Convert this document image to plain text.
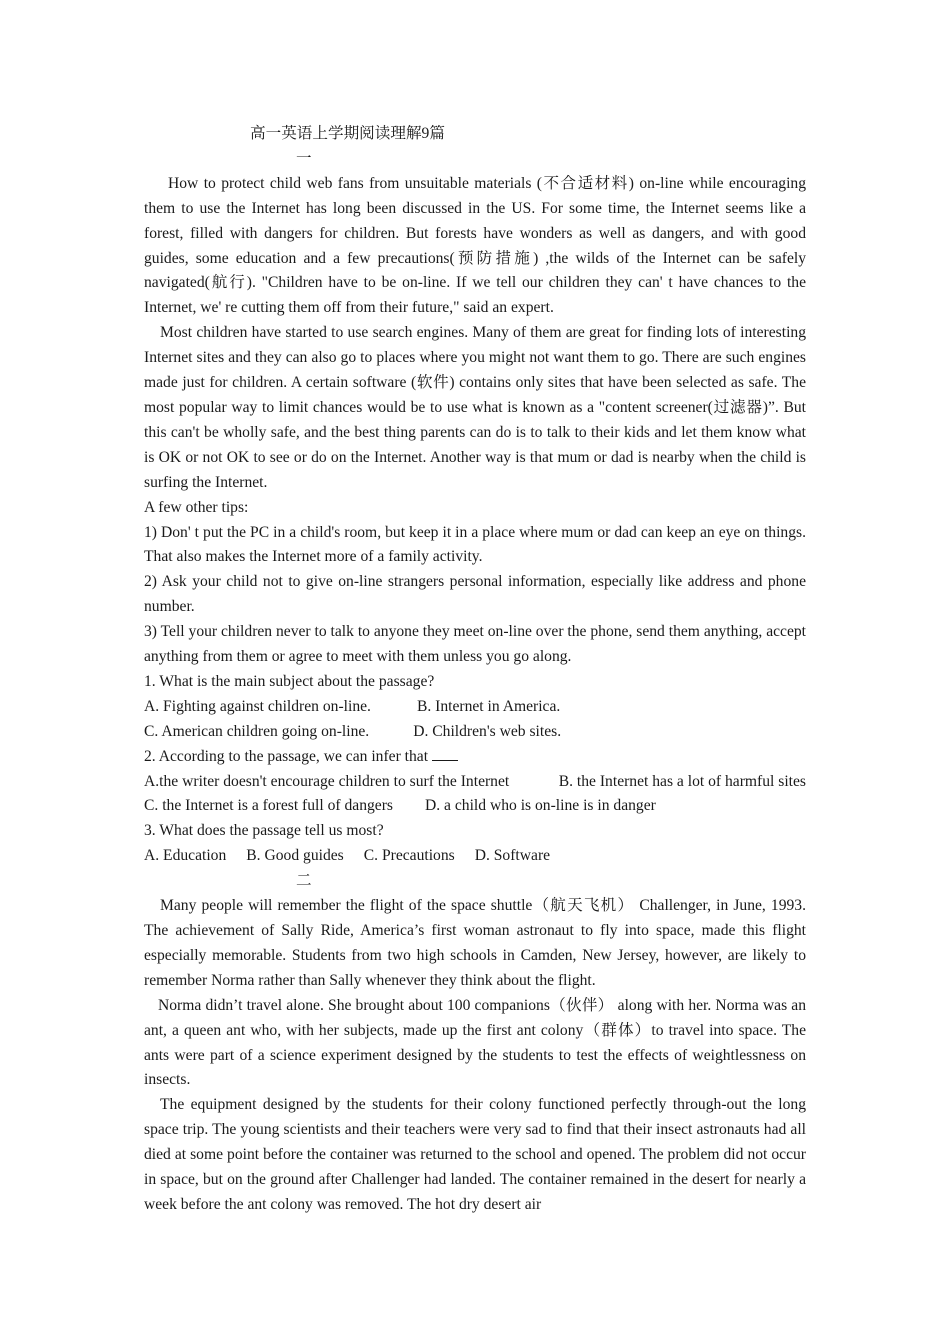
高一英语上学期阅读理解9篇
一

How to protect child web fans from unsuitable materials (不合适材料) on-line while encouraging them to use the Internet has long been discussed in the US. For some time, the Internet seems like a forest, filled with dangers for children. But forests have wonders as well as dangers, and with good guides, some education and a few precautions(预防措施) ,the wilds of the Internet can be safely navigated(航行). "Children have to be on-line. If we tell our children they can' t have chances to the Internet, we' re cutting them off from their future," said an expert.

Most children have started to use search engines. Many of them are great for finding lots of interesting Internet sites and they can also go to places where you might not want them to go. There are such engines made just for children. A certain software (软件) contains only sites that have been selected as safe. The most popular way to limit chances would be to use what is known as a "content screener(过滤器)”. But this can't be wholly safe, and the best thing parents can do is to talk to their kids and let them know what is OK or not OK to see or do on the Internet. Another way is that mum or dad is nearby when the child is surfing the Internet.

A few other tips:

1) Don' t put the PC in a child's room, but keep it in a place where mum or dad can keep an eye on things. That also makes the Internet more of a family activity.

2) Ask your child not to give on-line strangers personal information, especially like address and phone number.

3) Tell your children never to talk to anyone they meet on-line over the phone, send them anything, accept anything from them or agree to meet with them unless you go along.

1. What is the main subject about the passage?
A. Fighting against children on-line.	B. Internet in America.
C. American children going on-line.	D. Children's web sites.
2. According to the passage, we can infer that
A.the writer doesn't encourage children to surf the Internet	B. the Internet has a lot of harmful sites
C. the Internet is a forest full of dangers D. a child who is on-line is in danger
3. What does the passage tell us most?
A. Education B. Good guides C. Precautions D. Software
二

Many people will remember the flight of the space shuttle（航天飞机） Challenger, in June, 1993. The achievement of Sally Ride, America’s first woman astronaut to fly into space, made this flight especially memorable. Students from two high schools in Camden, New Jersey, however, are likely to remember Norma rather than Sally whenever they think about the flight.

Norma didn’t travel alone. She brought about 100 companions（伙伴） along with her. Norma was an ant, a queen ant who, with her subjects, made up the first ant colony（群体）to travel into space. The ants were part of a science experiment designed by the students to test the effects of weightlessness on insects.

The equipment designed by the students for their colony functioned perfectly through-out the long space trip. The young scientists and their teachers were very sad to find that their insect astronauts had all died at some point before the container was returned to the school and opened. The problem did not occur in space, but on the ground after Challenger had landed. The container remained in the desert for nearly a week before the ant colony was removed. The hot dry desert air
